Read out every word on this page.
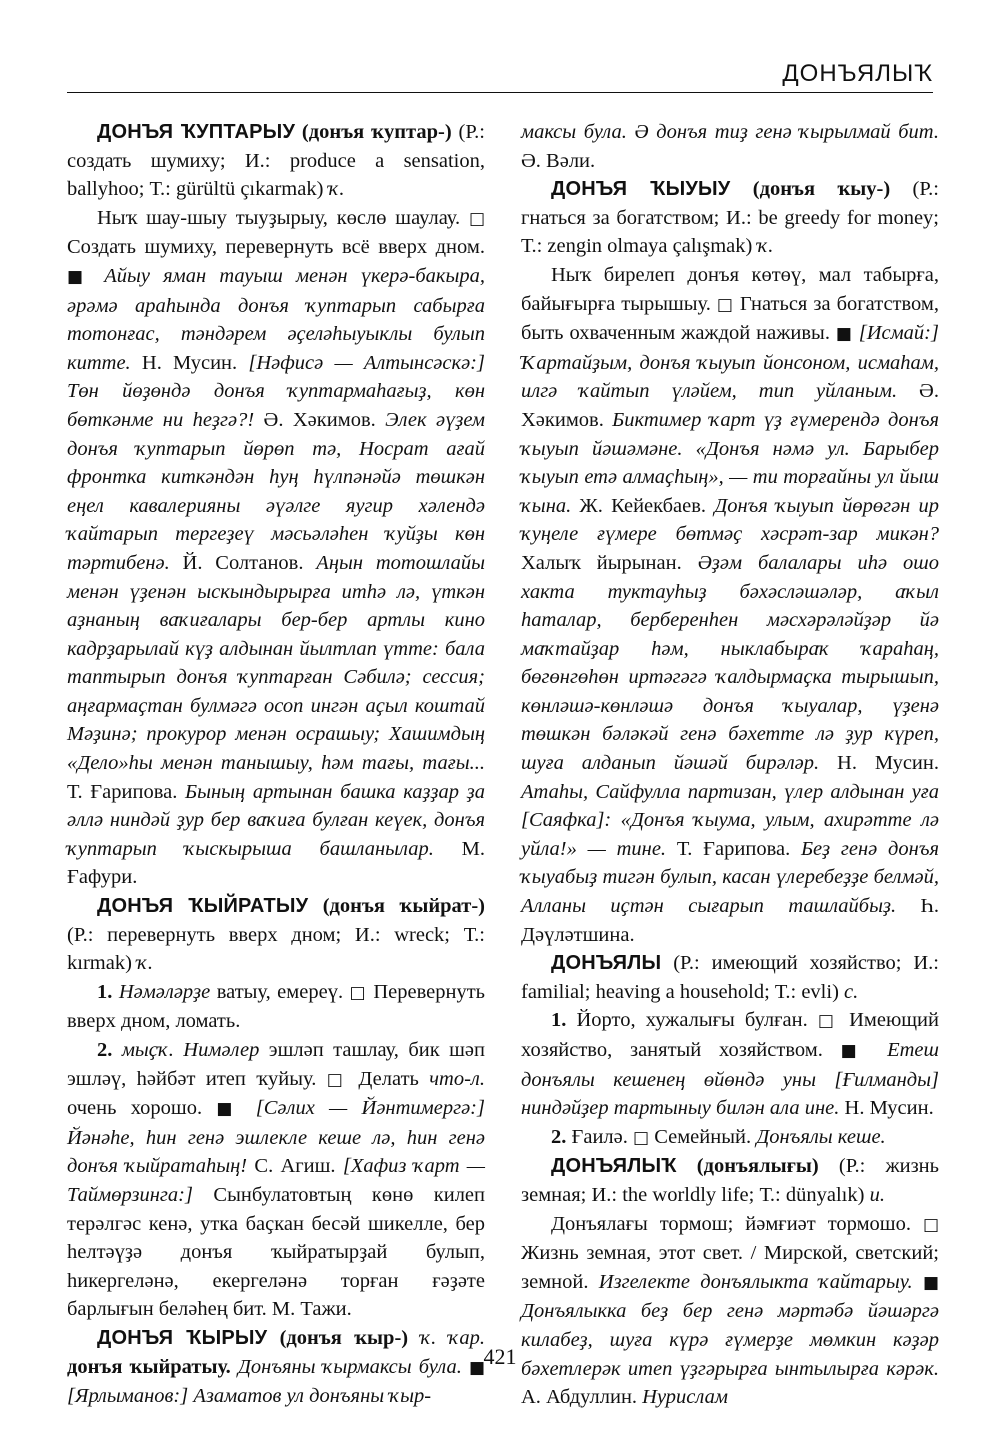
ДОНЪЯЛЫҠ

ДОНЪЯ ҠУПТАРЫУ (донъя ҡуптар-) (Р.: создать шумиху; И.: produce a sensation, ballyhoo; Т.: gürültü çıkarmak) ҡ.

Ныҡ шау-шыу тыуҙырыу, көслө шаулау. □ Создать шумиху, перевернуть всё вверх дном. ■ Айыу яман тауыш менән үкерә-бакыра, әрәмә араһында донъя ҡуптарып сабырға тотонғас, тәндәрем әҫеләһыуыклы булып китте. Н. Мусин. [Нәфисә — Алтынсәскә:] Төн йөҙөндә донъя ҡуптармаһағыҙ, көн бөткәнме ни һеҙгә?! Ә. Хәкимов. Элек әүҙем донъя ҡуптарып йөрөп тә, Носрат ағай фронтка киткәндән һуң һүлпәнәйә төшкән еңел кавалерияны әүәлге яугир хәлендә ҡайтарып тергеҙеү мәсьәләһен ҡуйҙы көн тәртибенә. Й. Солтанов. Аңын тотошлайы менән үҙенән ыскындырырға итһә лә, үткән аҙнаның ваҡиғалары бер-бер артлы кино кадрҙарылай күҙ алдынан йылтлап үтте: бала таптырып донъя ҡуптарған Сәбилә; сессия; аңғармаҫтан булмәгә осоп ингән аҫыл коштай Мәҙинә; прокурор менән осрашыу; Хашимдың «Дело»һы менән танышыу, һәм тағы, тағы... Т. Ғарипова. Бының артынан башка каҙҙар ҙа әллә ниндәй ҙур бер ваҡиға булған кеүек, донъя ҡуптарып ҡыскырыша башланылар. М. Ғафури.

ДОНЪЯ ҠЫЙРАТЫУ (донъя ҡыйрат-) (Р.: перевернуть вверх дном; И.: wreck; Т.: kırmak) ҡ.

1. Нәмәләрҙе ватыу, емереү. □ Перевернуть вверх дном, ломать.

2. мыҫҡ. Нимәлер эшләп ташлау, бик шәп эшләү, һәйбәт итеп ҡуйыу. □ Делать что-л. очень хорошо. ■ [Сәлих — Йәнтимергә:] Йәнәһе, һин генә эшлекле кеше лә, һин генә донъя ҡыйратаһың! С. Агиш. [Хафиз ҡарт — Таймөрзинга:] Сынбулатовтың көнө килеп терәлгәс кенә, утка баҫкан бесәй шикелле, бер һелтәүҙә донъя ҡыйратырҙай булып, һикергеләнә, екергеләнә торған ғәҙәте барлығын беләһең бит. М. Тажи.

ДОНЪЯ ҠЫРЫУ (донъя ҡыр-) ҡ. ҡар. донъя ҡыйратыу. Донъяны ҡырмаксы була. ■ [Ярлыманов:] Азаматов ул донъяны ҡыр-

максы була. Ә донъя тиҙ генә ҡырылмай бит. Ә. Вәли.

ДОНЪЯ ҠЫУЫУ (донъя ҡыу-) (Р.: гнаться за богатством; И.: be greedy for money; Т.: zengin olmaya çalışmak) ҡ.

Ныҡ бирелеп донъя көтөү, мал табырға, байығырға тырышыу. □ Гнаться за богатством, быть охваченным жаждой наживы. ■ [Исмай:] Ҡартайҙым, донъя ҡыуып йонсоном, исмаһам, илгә ҡайтып үләйем, тип уйланым. Ә. Хәкимов. Биктимер ҡарт үҙ ғүмерендә донъя ҡыуып йәшәмәне. «Донъя нәмә ул. Барыбер ҡыуып етә алмаҫһың», — ти торғайны ул йыш ҡына. Ж. Кейекбаев. Донъя ҡыуып йөрөгән ир ҡуңеле ғүмере бөтмәҫ хәсрәт-зар микән? Халыҡ йырынан. Әҙәм балалары иһә ошо хакта туктауһыҙ бәхәсләшәләр, аҡыл һаталар, берберенһен мәсхәрәләйҙәр йә маҡтайҙар һәм, ныклабыраҡ ҡараһаң, бөгөнгөһөн иртәгәгә ҡалдырмаҫка тырышып, көнләшә-көнләшә донъя ҡыуалар, үҙенә төшкән бәләкәй генә бәхетте лә ҙур күреп, шуға алданып йәшәй бирәләр. Н. Мусин. Атаһы, Сайфулла партизан, үлер алдынан уға [Саяфка]: «Донъя ҡыума, улым, ахирәтте лә уйла!» — тине. Т. Ғарипова. Беҙ генә донъя ҡыуабыҙ тигән булып, касан үлеребеҙҙе белмәй, Алланы иҫтән сығарып ташлайбыҙ. Һ. Дәүләтшина.

ДОНЪЯЛЫ (Р.: имеющий хозяйство; И.: familial; heaving a household; Т.: evli) с.

1. Йорто, хужалығы булған. □ Имеющий хозяйство, занятый хозяйством. ■ Етеш донъялы кешенең өйөндә уны [Ғилманды] ниндәйҙер тартыныу билән ала ине. Н. Мусин.

2. Ғаилә. □ Семейный. Донъялы кеше.

ДОНЪЯЛЫҠ (донъялығы) (Р.: жизнь земная; И.: the worldly life; Т.: dünyalık) и.

Донъялағы тормош; йәмғиәт тормошо. □ Жизнь земная, этот свет. / Мирской, светский; земной. Изгелекте донъялыкта ҡайтарыу. ■ Донъялыкка беҙ бер генә мәртәбә йәшәргә килабеҙ, шуға күрә ғүмерҙе мөмкин кәҙәр бәхетлерәк итеп үҙгәрырға ынтылырға кәрәк. А. Абдуллин. Нурислам

421
